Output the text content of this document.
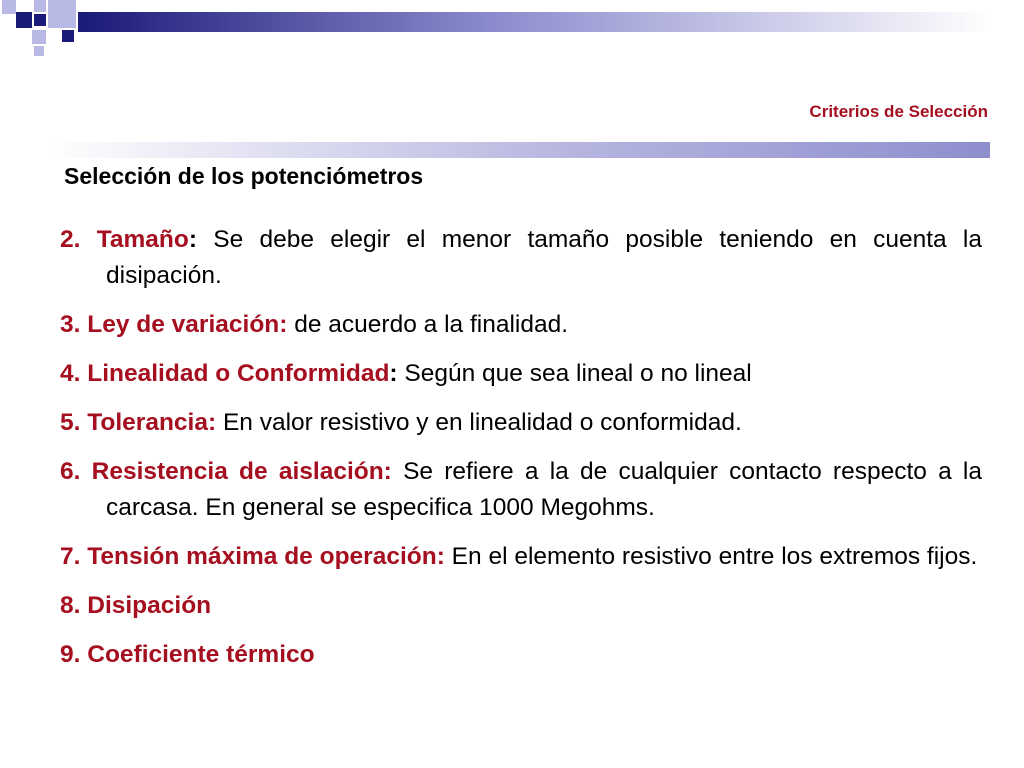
Criterios de Selección
Selección de los potenciómetros
2. Tamaño: Se debe elegir el menor tamaño posible teniendo en cuenta la disipación.
3. Ley de variación: de acuerdo a la finalidad.
4. Linealidad o Conformidad: Según que sea lineal o no lineal
5. Tolerancia: En valor resistivo y en linealidad o conformidad.
6. Resistencia de aislación: Se refiere a la de cualquier contacto respecto a la carcasa. En general se especifica 1000 Megohms.
7. Tensión máxima de operación: En el elemento resistivo entre los extremos fijos.
8. Disipación
9. Coeficiente térmico
